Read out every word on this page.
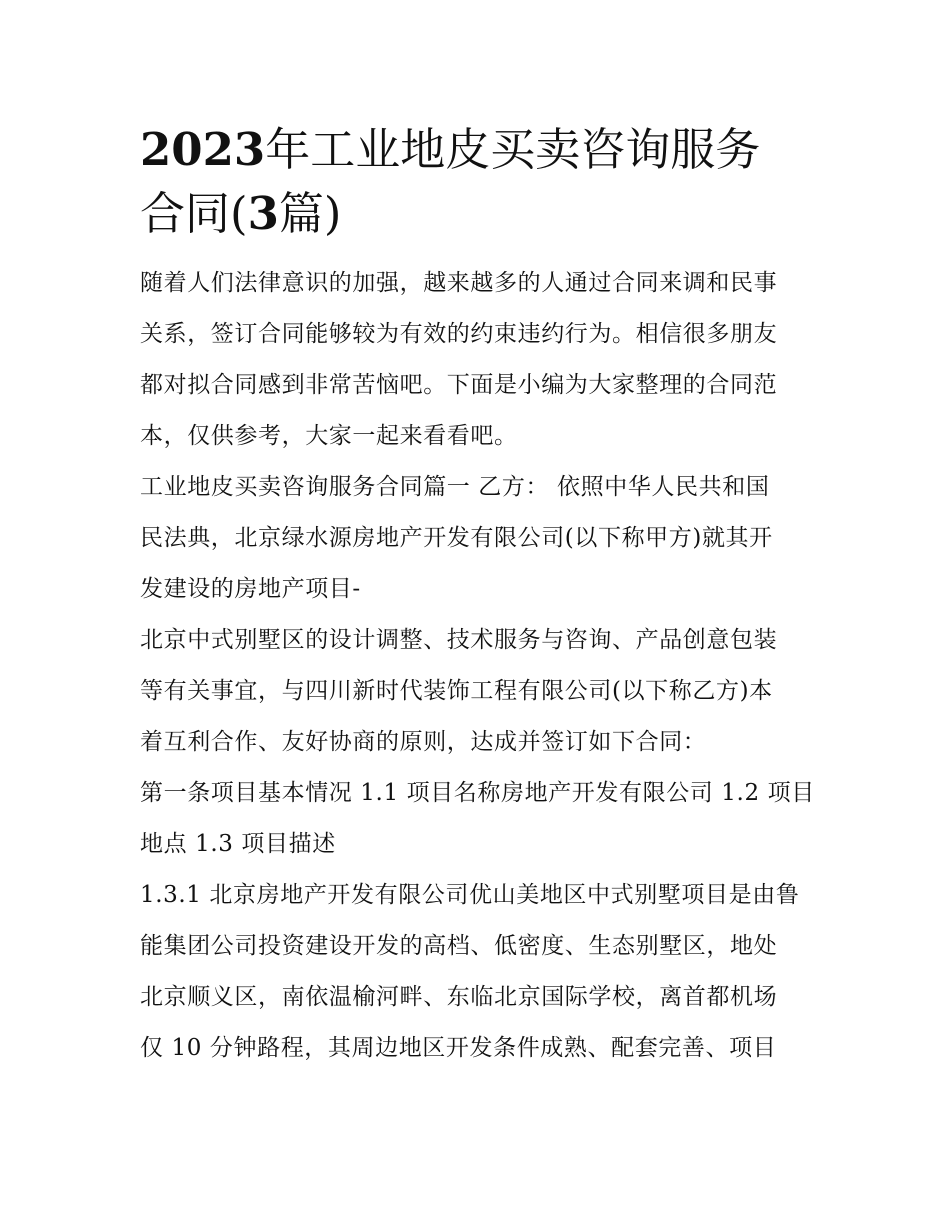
2023年工业地皮买卖咨询服务
合同(3篇)

随着人们法律意识的加强，越来越多的人通过合同来调和民事
关系，签订合同能够较为有效的约束违约行为。相信很多朋友
都对拟合同感到非常苦恼吧。下面是小编为大家整理的合同范
本，仅供参考，大家一起来看看吧。

工业地皮买卖咨询服务合同篇一 乙方： 依照中华人民共和国
民法典，北京绿水源房地产开发有限公司(以下称甲方)就其开
发建设的房地产项目-

北京中式别墅区的设计调整、技术服务与咨询、产品创意包装
等有关事宜，与四川新时代装饰工程有限公司(以下称乙方)本
着互利合作、友好协商的原则，达成并签订如下合同：

第一条项目基本情况 1.1 项目名称房地产开发有限公司 1.2 项目
地点 1.3 项目描述

1.3.1 北京房地产开发有限公司优山美地区中式别墅项目是由鲁
能集团公司投资建设开发的高档、低密度、生态别墅区，地处
北京顺义区，南依温榆河畔、东临北京国际学校，离首都机场
仅 10 分钟路程，其周边地区开发条件成熟、配套完善、项目
